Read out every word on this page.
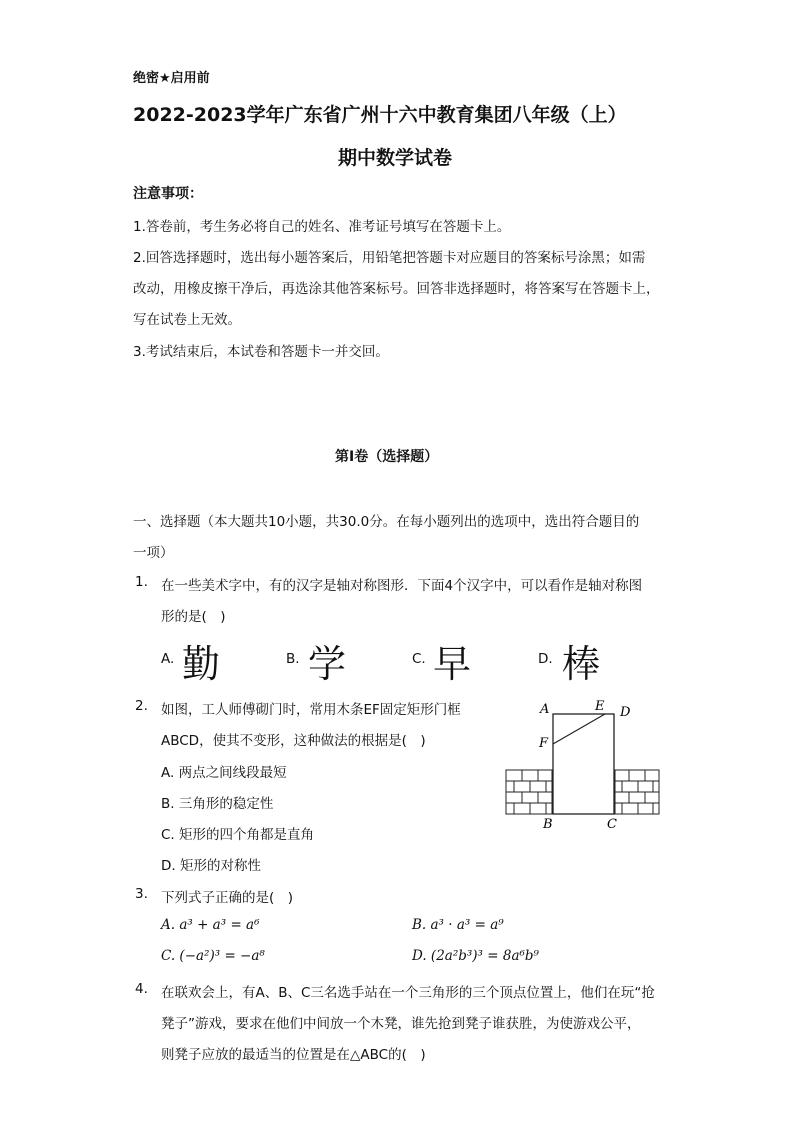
绝密★启用前
2022-2023学年广东省广州十六中教育集团八年级（上）
期中数学试卷
注意事项：
1.答卷前，考生务必将自己的姓名、准考证号填写在答题卡上。
2.回答选择题时，选出每小题答案后，用铅笔把答题卡对应题目的答案标号涂黑；如需
改动，用橡皮擦干净后，再选涂其他答案标号。回答非选择题时，将答案写在答题卡上，
写在试卷上无效。
3.考试结束后，本试卷和答题卡一并交回。
第I卷（选择题）
一、选择题（本大题共10小题，共30.0分。在每小题列出的选项中，选出符合题目的
一项）
1. 在一些美术字中，有的汉字是轴对称图形．下面4个汉字中，可以看作是轴对称图
形的是(　)
A. 勤	B. 学	C. 早	D. 棒
2. 如图，工人师傅砌门时，常用木条EF固定矩形门框
ABCD，使其不变形，这种做法的根据是(　)
A. 两点之间线段最短
B. 三角形的稳定性
C. 矩形的四个角都是直角
D. 矩形的对称性
A	E D
F
B	C
3. 下列式子正确的是(　)
A. a³ + a³ = a⁶	B. a³ · a³ = a⁹
C. (−a²)³ = −a⁸	D. (2a²b³)³ = 8a⁶b⁹
4. 在联欢会上，有A、B、C三名选手站在一个三角形的三个顶点位置上，他们在玩“抢
凳子”游戏，要求在他们中间放一个木凳，谁先抢到凳子谁获胜，为使游戏公平，
则凳子应放的最适当的位置是在△ABC的(　)
